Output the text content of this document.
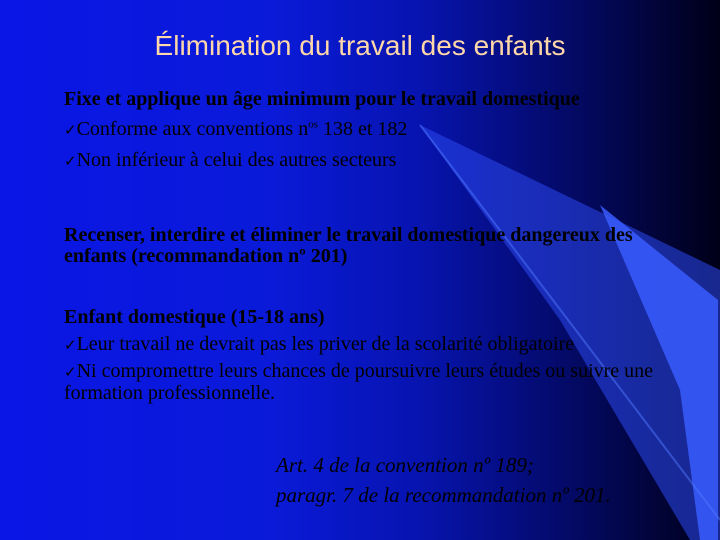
Élimination du travail des enfants
Fixe et applique un âge minimum pour le travail domestique
✓Conforme aux conventions $n^{os}$ 138 et 182
✓Non inférieur à celui des autres secteurs
Recenser, interdire et éliminer le travail domestique dangereux des enfants (recommandation nº 201)
Enfant domestique (15-18 ans)
✓Leur travail ne devrait pas les priver de la scolarité obligatoire
✓Ni compromettre leurs chances de poursuivre leurs études ou suivre une formation professionnelle.
Art. 4 de la convention nº 189;
paragr. 7 de la recommandation nº 201.
